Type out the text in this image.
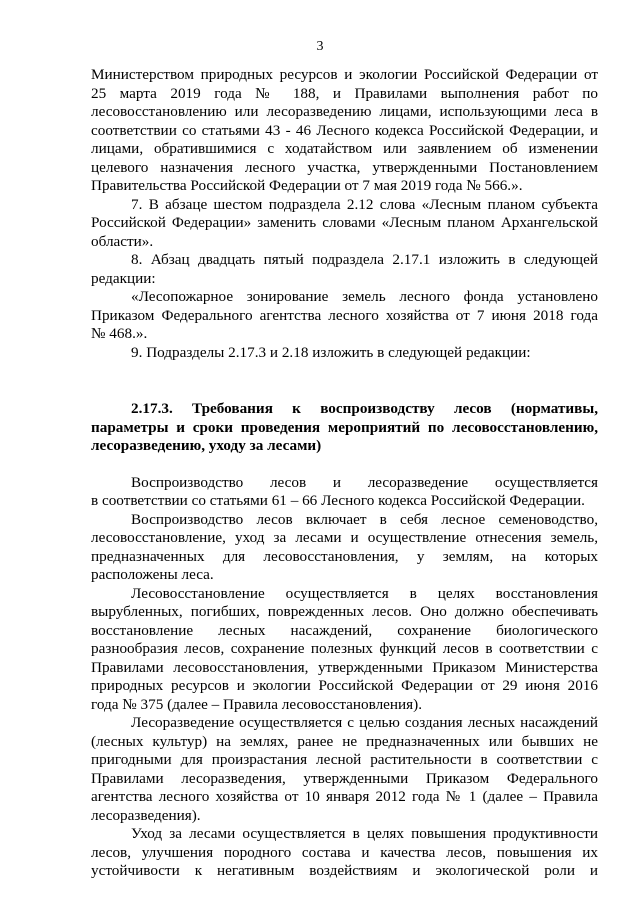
3

Министерством природных ресурсов и экологии Российской Федерации от
25 марта 2019 года № 188, и Правилами выполнения работ по
лесовосстановлению или лесоразведению лицами, использующими леса в
соответствии со статьями 43 - 46 Лесного кодекса Российской Федерации, и
лицами, обратившимися с ходатайством или заявлением об изменении
целевого назначения лесного участка, утвержденными Постановлением
Правительства Российской Федерации от 7 мая 2019 года № 566.».

7. В абзаце шестом подраздела 2.12 слова «Лесным планом субъекта
Российской Федерации» заменить словами «Лесным планом Архангельской
области».

8. Абзац двадцать пятый подраздела 2.17.1 изложить в следующей
редакции:

«Лесопожарное зонирование земель лесного фонда установлено
Приказом Федерального агентства лесного хозяйства от 7 июня 2018 года
№ 468.».

9. Подразделы 2.17.3 и 2.18 изложить в следующей редакции:

2.17.3. Требования к воспроизводству лесов (нормативы,
параметры и сроки проведения мероприятий по лесовосстановлению,
лесоразведению, уходу за лесами)

Воспроизводство лесов и лесоразведение осуществляется
в соответствии со статьями 61 – 66 Лесного кодекса Российской Федерации.

Воспроизводство лесов включает в себя лесное семеноводство,
лесовосстановление, уход за лесами и осуществление отнесения земель,
предназначенных для лесовосстановления, у землям, на которых
расположены леса.

Лесовосстановление осуществляется в целях восстановления
вырубленных, погибших, поврежденных лесов. Оно должно обеспечивать
восстановление лесных насаждений, сохранение биологического
разнообразия лесов, сохранение полезных функций лесов в соответствии с
Правилами лесовосстановления, утвержденными Приказом Министерства
природных ресурсов и экологии Российской Федерации от 29 июня 2016
года № 375 (далее – Правила лесовосстановления).

Лесоразведение осуществляется с целью создания лесных насаждений
(лесных культур) на землях, ранее не предназначенных или бывших не
пригодными для произрастания лесной растительности в соответствии с
Правилами лесоразведения, утвержденными Приказом Федерального
агентства лесного хозяйства от 10 января 2012 года № 1 (далее – Правила
лесоразведения).

Уход за лесами осуществляется в целях повышения продуктивности
лесов, улучшения породного состава и качества лесов, повышения их
устойчивости к негативным воздействиям и экологической роли и
